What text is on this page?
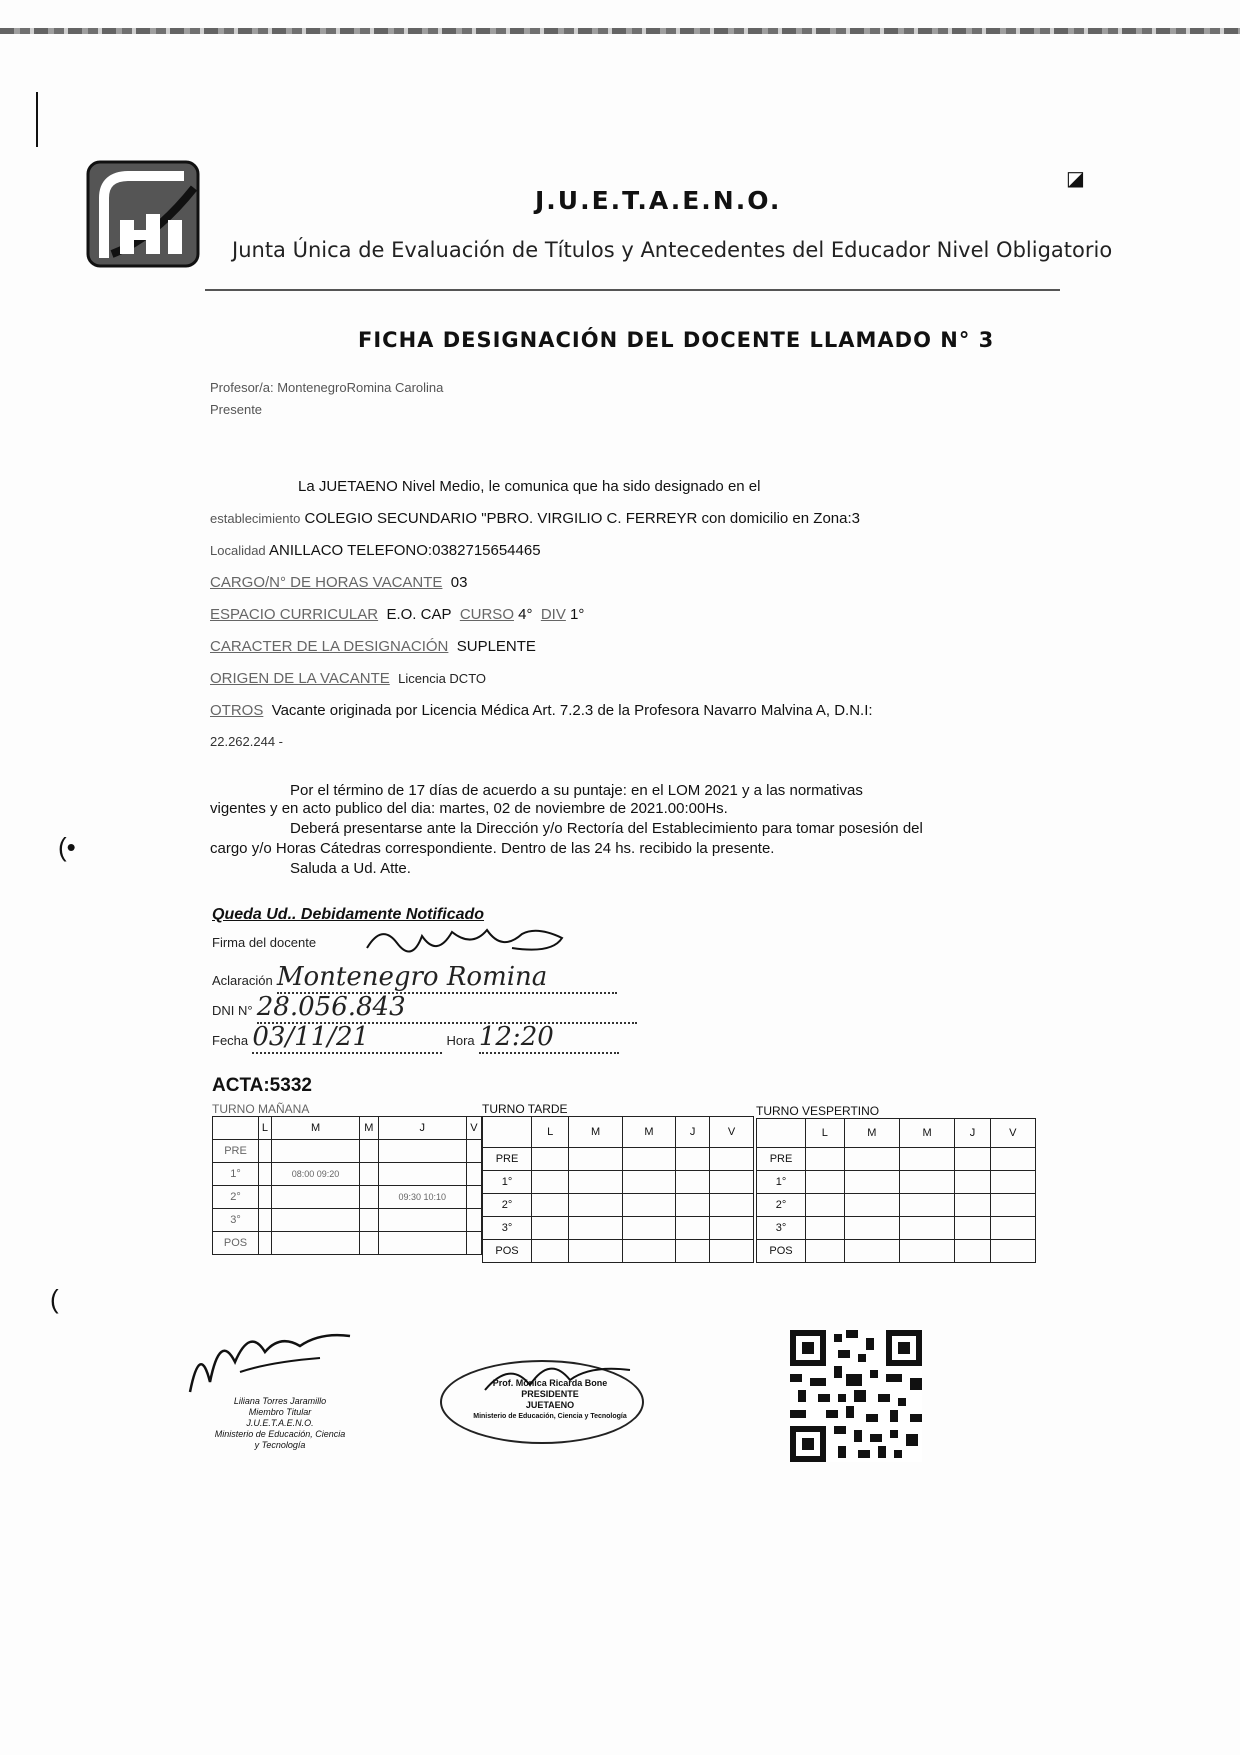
J.U.E.T.A.E.N.O.
Junta Única de Evaluación de Títulos y Antecedentes del Educador Nivel Obligatorio
◪
FICHA DESIGNACIÓN DEL DOCENTE LLAMADO N° 3
Profesor/a: MontenegroRomina Carolina
Presente
La JUETAENO Nivel Medio, le comunica que ha sido designado en el
establecimiento COLEGIO SECUNDARIO "PBRO. VIRGILIO C. FERREYR con domicilio en Zona:3
Localidad ANILLACO TELEFONO:0382715654465
CARGO/N° DE HORAS VACANTE 03
ESPACIO CURRICULAR E.O. CAP CURSO 4° DIV 1°
CARACTER DE LA DESIGNACIÓN SUPLENTE
ORIGEN DE LA VACANTE Licencia DCTO
OTROS Vacante originada por Licencia Médica Art. 7.2.3 de la Profesora Navarro Malvina A, D.N.I:
22.262.244 -
Por el término de 17 días de acuerdo a su puntaje: en el LOM 2021 y a las normativas
vigentes y en acto publico del dia: martes, 02 de noviembre de 2021.00:00Hs.
Deberá presentarse ante la Dirección y/o Rectoría del Establecimiento para tomar posesión del
cargo y/o Horas Cátedras correspondiente. Dentro de las 24 hs. recibido la presente.
Saluda a Ud. Atte.
(•
Queda Ud.. Debidamente Notificado
Firma del docente
Aclaración Montenegro Romina
DNI N° 28.056.843
Fecha 03/11/21	Hora 12:20
ACTA:5332
TURNO MAÑANA
	L	M	M	J	V
PRE					
1°		08:00 09:20			
2°				09:30 10:10	
3°					
POS					
TURNO TARDE
	L	M	M	J	V
PRE					
1°					
2°					
3°					
POS					
TURNO VESPERTINO
	L	M	M	J	V
PRE					
1°					
2°					
3°					
POS					
(
Liliana Torres Jaramillo
Miembro Titular
J.U.E.T.A.E.N.O.
Ministerio de Educación, Ciencia
y Tecnología
Prof. Mónica Ricarda Bone
PRESIDENTE
JUETAENO
Ministerio de Educación, Ciencia y Tecnología
